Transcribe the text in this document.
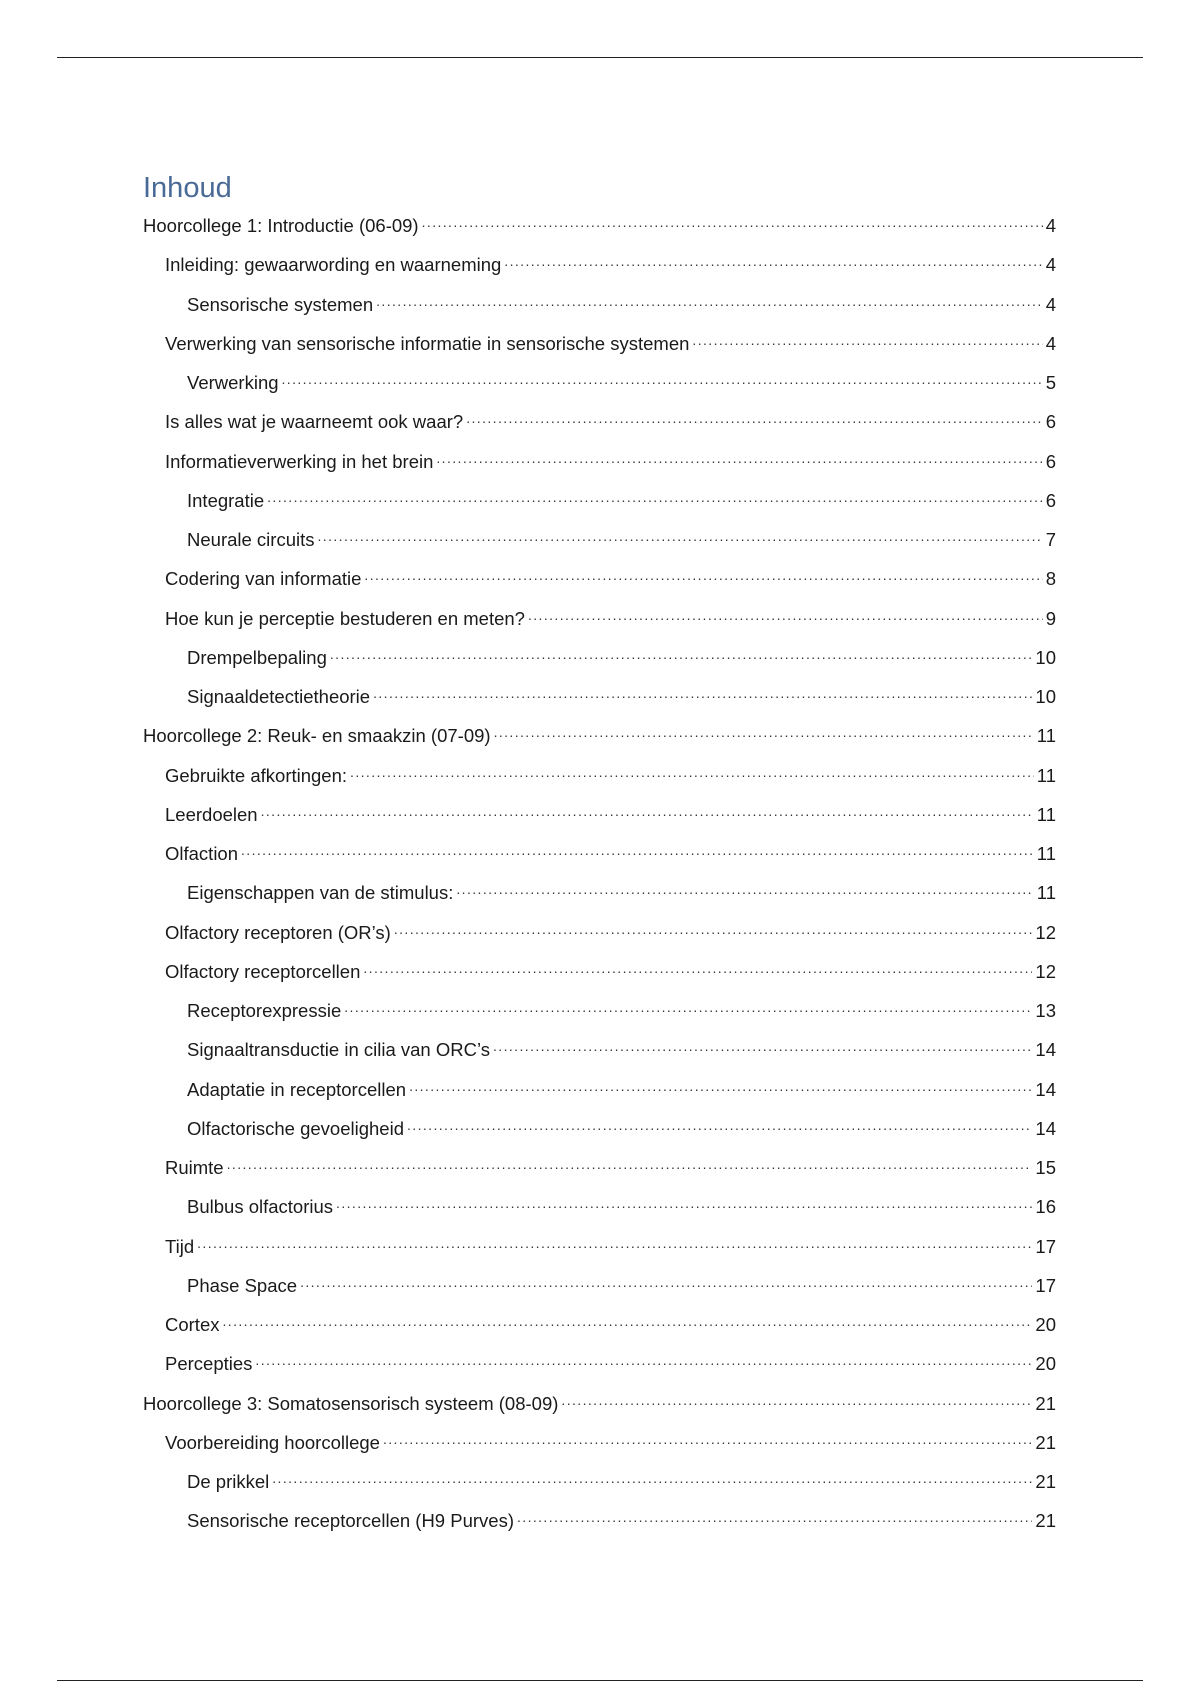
Inhoud
Hoorcollege 1: Introductie (06-09) .....	4
Inleiding: gewaarwording en waarneming .....	4
Sensorische systemen .....	4
Verwerking van sensorische informatie in sensorische systemen .....	4
Verwerking .....	5
Is alles wat je waarneemt ook waar? .....	6
Informatieverwerking in het brein .....	6
Integratie .....	6
Neurale circuits .....	7
Codering van informatie .....	8
Hoe kun je perceptie bestuderen en meten? .....	9
Drempelbepaling .....	10
Signaaldetectietheorie .....	10
Hoorcollege 2: Reuk- en smaakzin (07-09) .....	11
Gebruikte afkortingen: .....	11
Leerdoelen .....	11
Olfaction .....	11
Eigenschappen van de stimulus: .....	11
Olfactory receptoren (OR’s) .....	12
Olfactory receptorcellen .....	12
Receptorexpressie .....	13
Signaaltransductie in cilia van ORC’s .....	14
Adaptatie in receptorcellen .....	14
Olfactorische gevoeligheid .....	14
Ruimte .....	15
Bulbus olfactorius .....	16
Tijd .....	17
Phase Space .....	17
Cortex .....	20
Percepties .....	20
Hoorcollege 3: Somatosensorisch systeem (08-09) .....	21
Voorbereiding hoorcollege .....	21
De prikkel .....	21
Sensorische receptorcellen (H9 Purves) .....	21
